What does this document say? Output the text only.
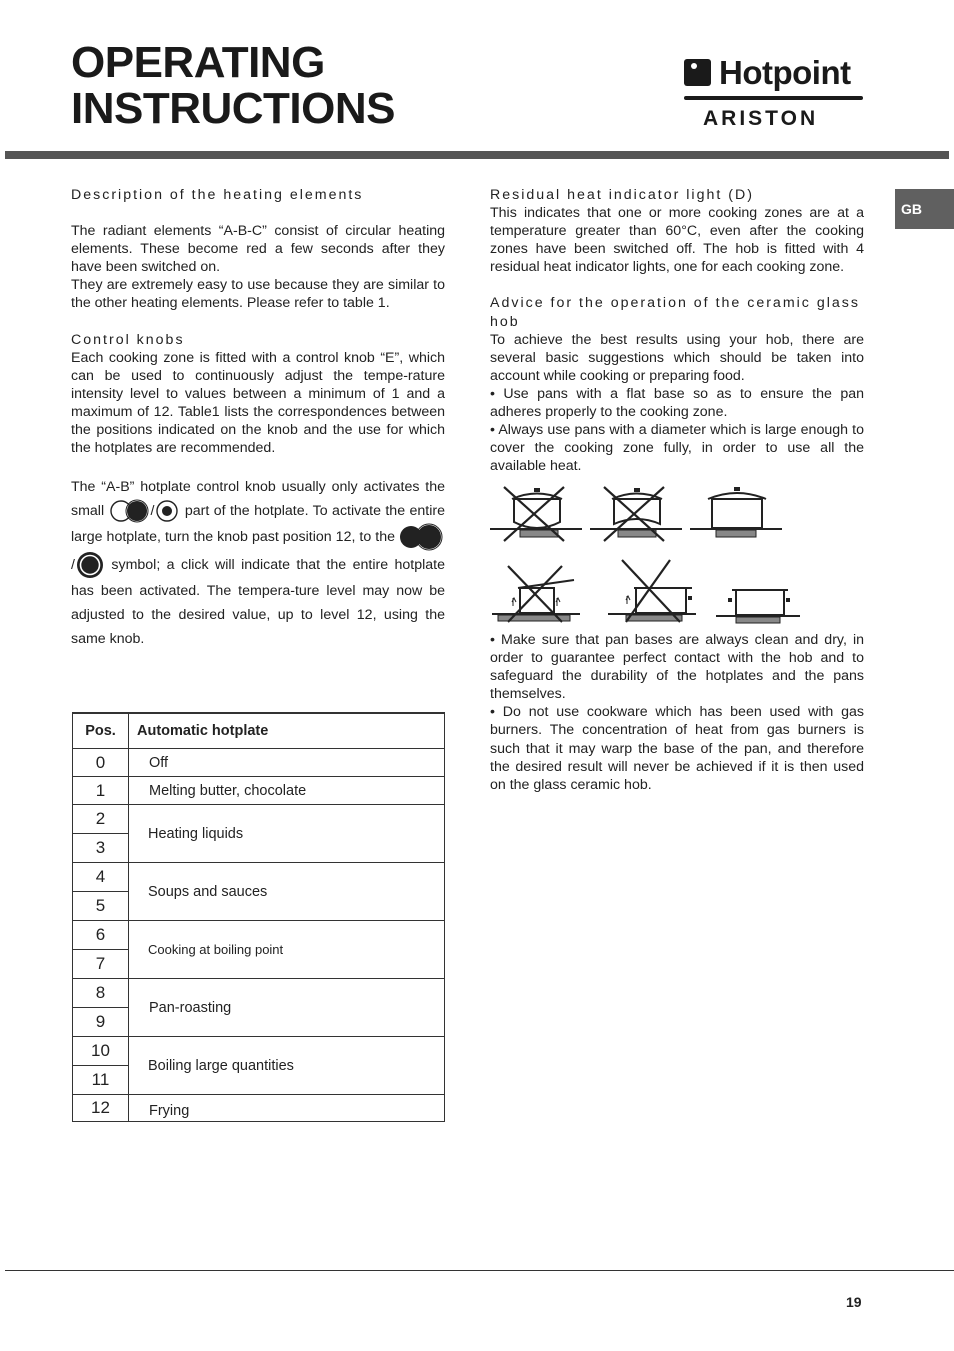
OPERATING
INSTRUCTIONS
Hotpoint
ARISTON
GB

Description of the heating elements

The radiant elements “A-B-C” consist of circular heating elements. These become red a few seconds after they have been switched on.

They are extremely easy to use because they are similar to the other heating elements. Please refer to table 1.

Control knobs

Each cooking zone is fitted with a control knob “E”, which can be used to continuously adjust the tempe-rature intensity level to values between a minimum of 1 and a maximum of 12. Table1 lists the correspondences between the positions indicated on the knob and the use for which the hotplates are recommended.

The “A-B” hotplate control knob usually only activates the small	/ part of the hotplate. To activate the entire large hotplate, turn the knob past position 12, to the /	symbol; a click will indicate that the entire hotplate has been activated. The tempera-ture level may now be adjusted to the desired value, up to level 12, using the same knob.

Pos.	Automatic hotplate
0	Off
1	Melting butter, chocolate
2	Heating liquids
3	
4	Soups and sauces
5	
6	Cooking at boiling point
7	
8	Pan-roasting
9	
10	Boiling large quantities
11	
12	Frying

Residual heat indicator light (D)

This indicates that one or more cooking zones are at a temperature greater than 60°C, even after the cooking zones have been switched off. The hob is fitted with 4 residual heat indicator lights, one for each cooking zone.

Advice for the operation of the ceramic glass hob

To achieve the best results using your hob, there are several basic suggestions which should be taken into account while cooking or preparing food.

• Use pans with a flat base so as to ensure the pan adheres properly to the cooking zone.

• Always use pans with a diameter which is large enough to cover the cooking zone fully, in order to use all the available heat.

• Make sure that pan bases are always clean and dry, in order to guarantee perfect contact with the hob and to safeguard the durability of the hotplates and the pans themselves.

• Do not use cookware which has been used with gas burners. The concentration of heat from gas burners is such that it may warp the base of the pan, and therefore the desired result will never be achieved if it is then used on the glass ceramic hob.

19
